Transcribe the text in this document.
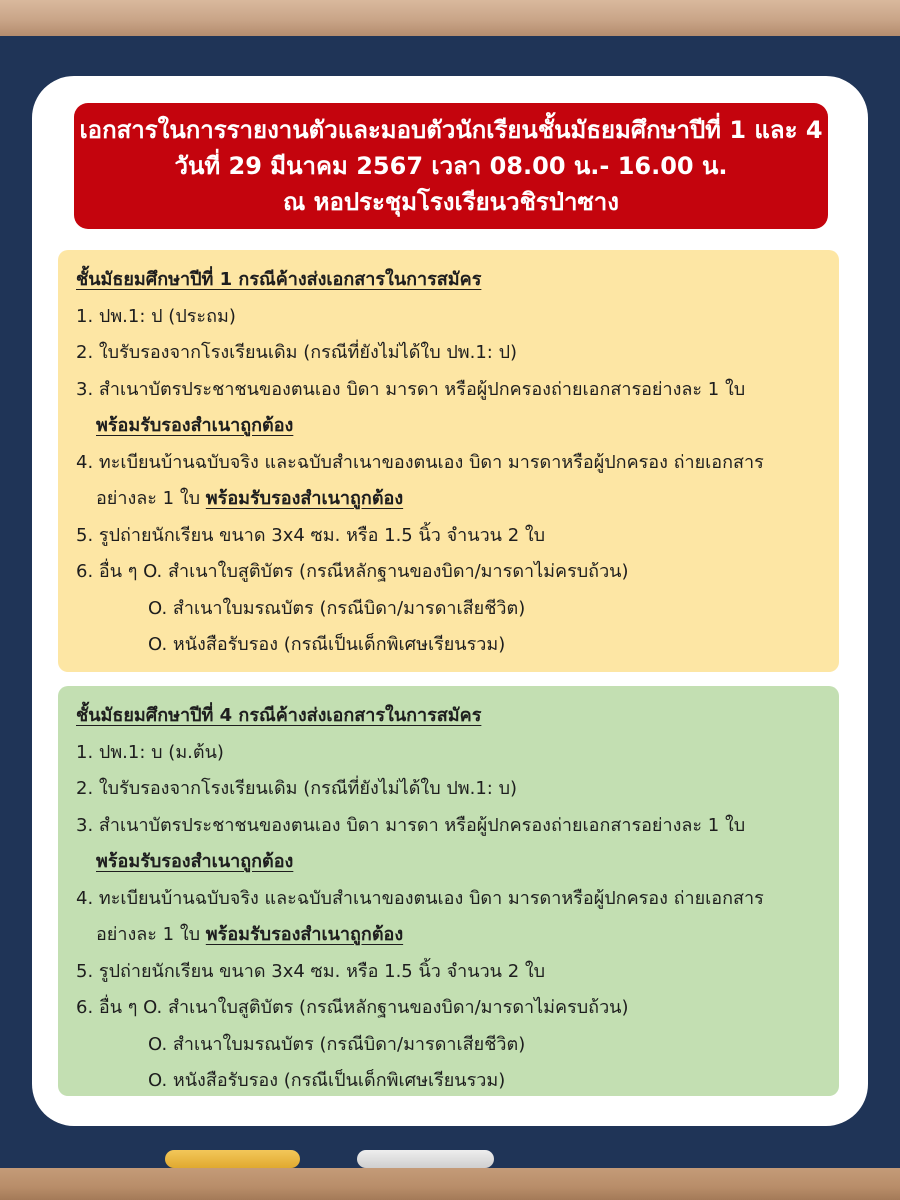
เอกสารในการรายงานตัวและมอบตัวนักเรียนชั้นมัธยมศึกษาปีที่ 1 และ 4
วันที่ 29 มีนาคม 2567 เวลา 08.00 น.- 16.00 น.
ณ หอประชุมโรงเรียนวชิรป่าซาง
ชั้นมัธยมศึกษาปีที่ 1 กรณีค้างส่งเอกสารในการสมัคร
1. ปพ.1: ป (ประถม)
2. ใบรับรองจากโรงเรียนเดิม (กรณีที่ยังไม่ได้ใบ ปพ.1: ป)
3. สำเนาบัตรประชาชนของตนเอง บิดา มารดา หรือผู้ปกครองถ่ายเอกสารอย่างละ 1 ใบ
พร้อมรับรองสำเนาถูกต้อง
4. ทะเบียนบ้านฉบับจริง และฉบับสำเนาของตนเอง บิดา มารดาหรือผู้ปกครอง ถ่ายเอกสาร
อย่างละ 1 ใบ พร้อมรับรองสำเนาถูกต้อง
5. รูปถ่ายนักเรียน ขนาด 3x4 ซม. หรือ 1.5 นิ้ว จำนวน 2 ใบ
6. อื่น ๆ O. สำเนาใบสูติบัตร (กรณีหลักฐานของบิดา/มารดาไม่ครบถ้วน)
O. สำเนาใบมรณบัตร (กรณีบิดา/มารดาเสียชีวิต)
O. หนังสือรับรอง (กรณีเป็นเด็กพิเศษเรียนรวม)
ชั้นมัธยมศึกษาปีที่ 4 กรณีค้างส่งเอกสารในการสมัคร
1. ปพ.1: บ (ม.ต้น)
2. ใบรับรองจากโรงเรียนเดิม (กรณีที่ยังไม่ได้ใบ ปพ.1: บ)
3. สำเนาบัตรประชาชนของตนเอง บิดา มารดา หรือผู้ปกครองถ่ายเอกสารอย่างละ 1 ใบ
พร้อมรับรองสำเนาถูกต้อง
4. ทะเบียนบ้านฉบับจริง และฉบับสำเนาของตนเอง บิดา มารดาหรือผู้ปกครอง ถ่ายเอกสาร
อย่างละ 1 ใบ พร้อมรับรองสำเนาถูกต้อง
5. รูปถ่ายนักเรียน ขนาด 3x4 ซม. หรือ 1.5 นิ้ว จำนวน 2 ใบ
6. อื่น ๆ O. สำเนาใบสูติบัตร (กรณีหลักฐานของบิดา/มารดาไม่ครบถ้วน)
O. สำเนาใบมรณบัตร (กรณีบิดา/มารดาเสียชีวิต)
O. หนังสือรับรอง (กรณีเป็นเด็กพิเศษเรียนรวม)
